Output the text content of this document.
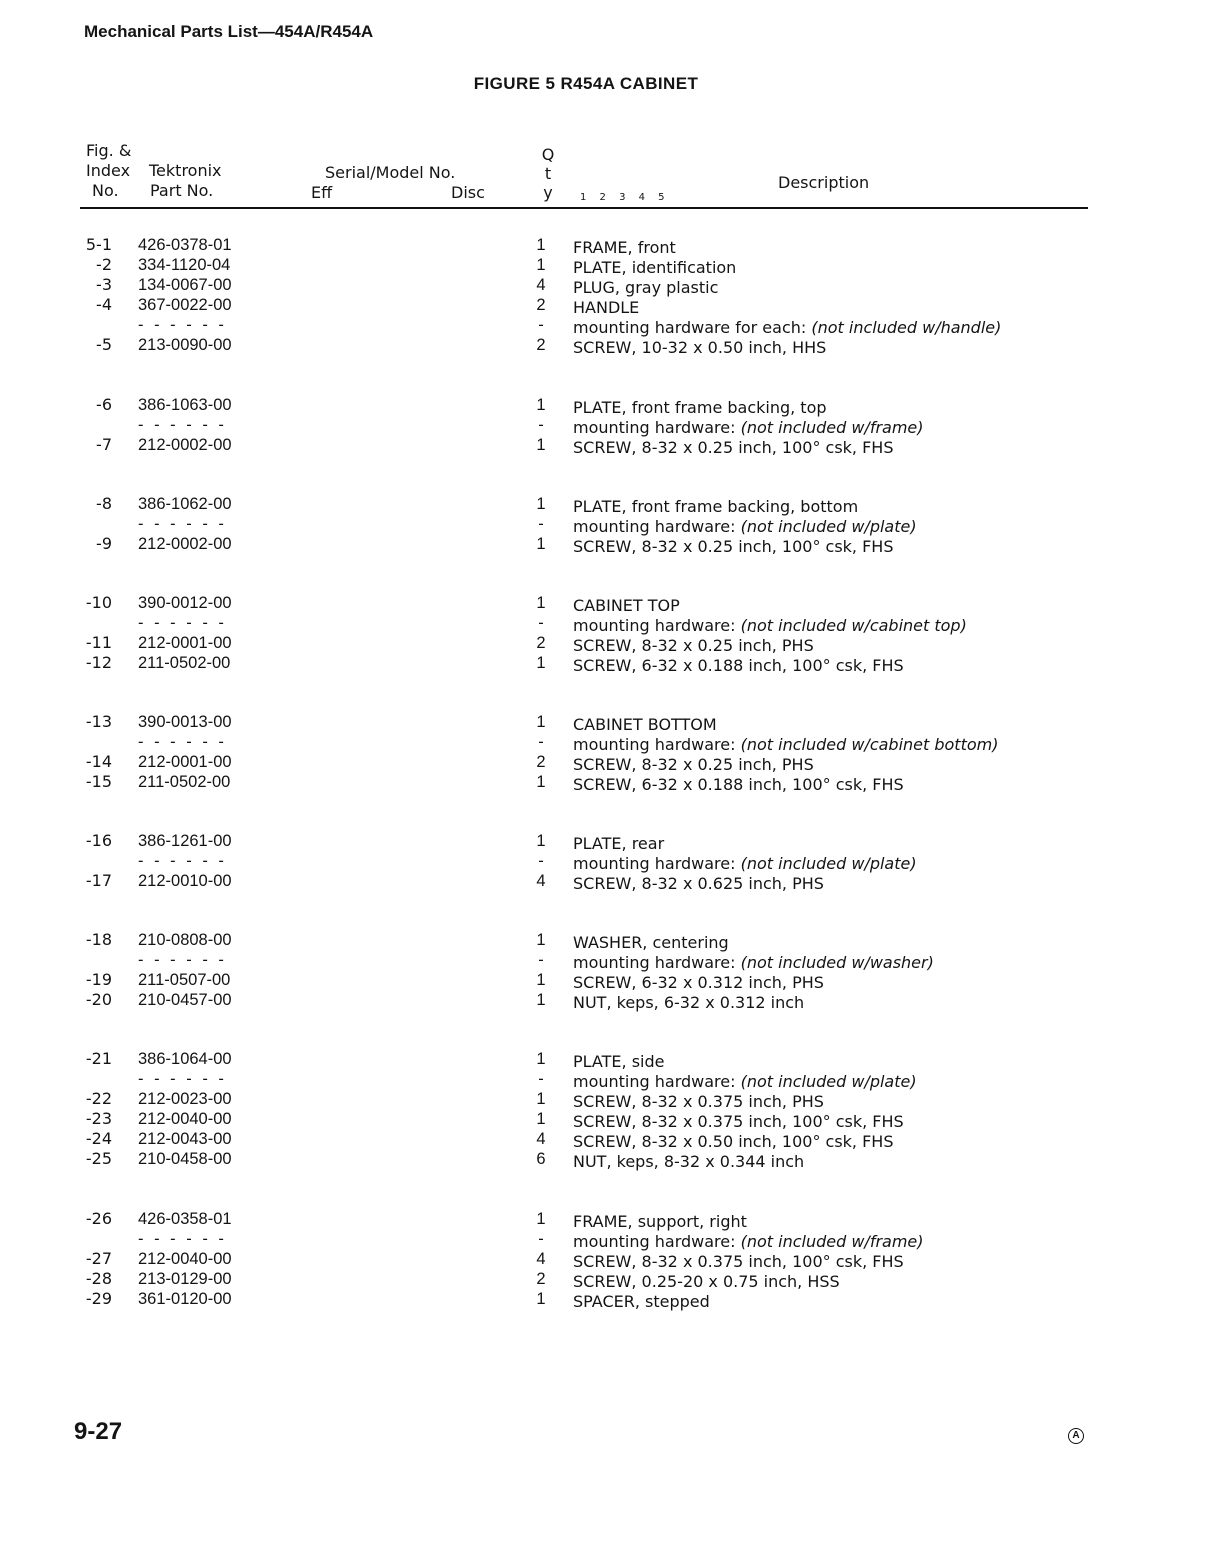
Mechanical Parts List—454A/R454A
FIGURE 5 R454A CABINET
Fig. &
Index
No.
Tektronix
Part No.
Serial/Model No.
Eff	Disc
Q
t
y	1 2 3 4 5
Description
5-1 426-0378-01	1	FRAME, front
-2 334-1120-04	1	PLATE, identification
-3 134-0067-00	4	PLUG, gray plastic
-4 367-0022-00	2	HANDLE
- - - - - -	-	mounting hardware for each: (not included w/handle)
-5 213-0090-00	2	SCREW, 10-32 x 0.50 inch, HHS
-6 386-1063-00	1	PLATE, front frame backing, top
- - - - - -	-	mounting hardware: (not included w/frame)
-7 212-0002-00	1	SCREW, 8-32 x 0.25 inch, 100° csk, FHS
-8 386-1062-00	1	PLATE, front frame backing, bottom
- - - - - -	-	mounting hardware: (not included w/plate)
-9 212-0002-00	1	SCREW, 8-32 x 0.25 inch, 100° csk, FHS
-10 390-0012-00	1	CABINET TOP
- - - - - -	-	mounting hardware: (not included w/cabinet top)
-11 212-0001-00	2	SCREW, 8-32 x 0.25 inch, PHS
-12 211-0502-00	1	SCREW, 6-32 x 0.188 inch, 100° csk, FHS
-13 390-0013-00	1	CABINET BOTTOM
- - - - - -	-	mounting hardware: (not included w/cabinet bottom)
-14 212-0001-00	2	SCREW, 8-32 x 0.25 inch, PHS
-15 211-0502-00	1	SCREW, 6-32 x 0.188 inch, 100° csk, FHS
-16 386-1261-00	1	PLATE, rear
- - - - - -	-	mounting hardware: (not included w/plate)
-17 212-0010-00	4	SCREW, 8-32 x 0.625 inch, PHS
-18 210-0808-00	1	WASHER, centering
- - - - - -	-	mounting hardware: (not included w/washer)
-19 211-0507-00	1	SCREW, 6-32 x 0.312 inch, PHS
-20 210-0457-00	1	NUT, keps, 6-32 x 0.312 inch
-21 386-1064-00	1	PLATE, side
- - - - - -	-	mounting hardware: (not included w/plate)
-22 212-0023-00	1	SCREW, 8-32 x 0.375 inch, PHS
-23 212-0040-00	1	SCREW, 8-32 x 0.375 inch, 100° csk, FHS
-24 212-0043-00	4	SCREW, 8-32 x 0.50 inch, 100° csk, FHS
-25 210-0458-00	6	NUT, keps, 8-32 x 0.344 inch
-26 426-0358-01	1	FRAME, support, right
- - - - - -	-	mounting hardware: (not included w/frame)
-27 212-0040-00	4	SCREW, 8-32 x 0.375 inch, 100° csk, FHS
-28 213-0129-00	2	SCREW, 0.25-20 x 0.75 inch, HSS
-29 361-0120-00	1	SPACER, stepped
9-27	A
